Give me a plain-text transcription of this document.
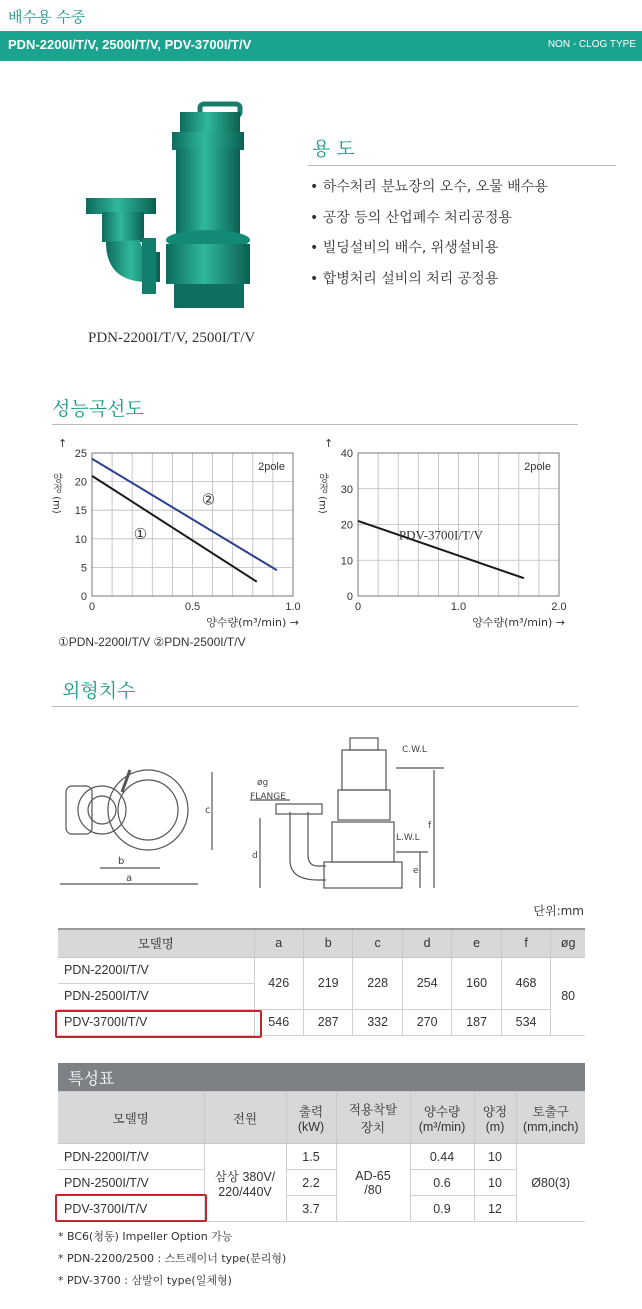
배수용 수중
PDN-2200I/T/V, 2500I/T/V, PDV-3700I/T/V	NON - CLOG TYPE
용 도
• 하수처리 분뇨장의 오수, 오물 배수용
• 공장 등의 산업폐수 처리공정용
• 빌딩설비의 배수, 위생설비용
• 합병처리 설비의 처리 공정용
PDN-2200I/T/V, 2500I/T/V
성능곡선도
0
5
10
15
20
25
0	0.5	1.0
양수량(m³/min) →
양정 (m)
↑
2pole
①
②
0
10
20
30
40
0	1.0	2.0
양수량(m³/min) →
양정 (m)
↑
2pole
PDV-3700I/T/V
①PDN-2200I/T/V ②PDN-2500I/T/V
외형치수
b
a
c
øg
FLANGE
C.W.L
L.W.L
d
e
f
단위:mm
모델명	a	b	c	d	e	f	øg
PDN-2200I/T/V	426	219	228	254	160	468	80
PDN-2500I/T/V							
PDV-3700I/T/V	546	287	332	270	187	534	
특성표
모델명	전원	출력
(kW)	적용착탈
장치	양수량
(m³/min)	양정
(m)	토출구
(mm,inch)
PDN-2200I/T/V	삼상 380V/
220/440V	1.5	AD-65
/80	0.44	10	Ø80(3)
PDN-2500I/T/V		2.2		0.6	10	
PDV-3700I/T/V		3.7		0.9	12	
* BC6(청동) Impeller Option 가능
* PDN-2200/2500 : 스트레이너 type(분리형)
* PDV-3700 : 삼발이 type(일체형)
